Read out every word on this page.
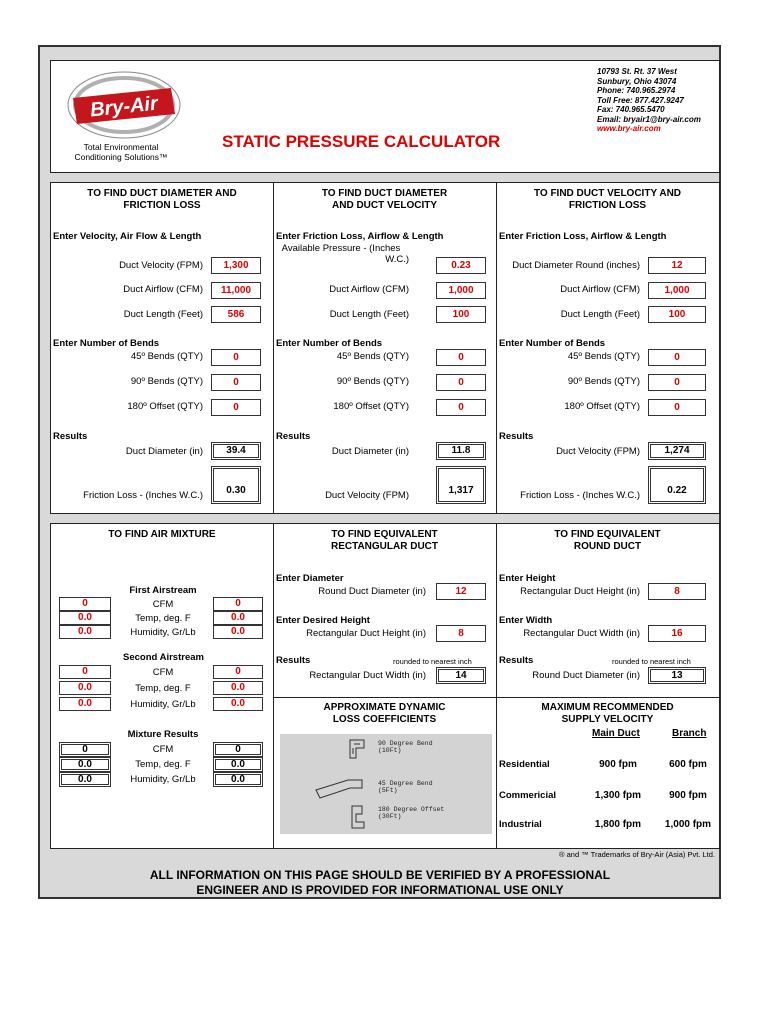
Bry-Air
Total Environmental
Conditioning Solutions™
STATIC PRESSURE CALCULATOR
10793 St. Rt. 37 West
Sunbury, Ohio 43074
Phone: 740.965.2974
Toll Free: 877.427.9247
Fax: 740.965.5470
Email: bryair1@bry-air.com
www.bry-air.com
TO FIND DUCT DIAMETER AND
FRICTION LOSS
Enter Velocity, Air Flow & Length
Duct Velocity (FPM)	1,300
Duct Airflow (CFM)	11,000
Duct Length (Feet)	586
Enter Number of Bends
45º Bends (QTY)	0
90º Bends (QTY)	0
180º Offset (QTY)	0
Results
Duct Diameter (in)	39.4
Friction Loss - (Inches W.C.)	0.30
TO FIND DUCT DIAMETER
AND DUCT VELOCITY
Enter Friction Loss, Airflow & Length
Available Pressure - (Inches
W.C.)
0.23
Duct Airflow (CFM)	1,000
Duct Length (Feet)	100
Enter Number of Bends
45º Bends (QTY)	0
90º Bends (QTY)	0
180º Offset (QTY)	0
Results
Duct Diameter (in)	11.8
Duct Velocity (FPM)	1,317
TO FIND DUCT VELOCITY AND
FRICTION LOSS
Enter Friction Loss, Airflow & Length
Duct Diameter Round (inches)	12
Duct Airflow (CFM)	1,000
Duct Length (Feet)	100
Enter Number of Bends
45º Bends (QTY)	0
90º Bends (QTY)	0
180º Offset (QTY)	0
Results
Duct Velocity (FPM)	1,274
Friction Loss - (Inches W.C.)	0.22
TO FIND AIR MIXTURE
First Airstream
0	CFM	0
0.0	Temp, deg. F	0.0
0.0	Humidity, Gr/Lb	0.0
Second Airstream
0	CFM	0
0.0	Temp, deg. F	0.0
0.0	Humidity, Gr/Lb	0.0
Mixture Results
0	CFM	0
0.0	Temp, deg. F	0.0
0.0	Humidity, Gr/Lb	0.0
TO FIND EQUIVALENT
RECTANGULAR DUCT
Enter Diameter
Round Duct Diameter (in)	12
Enter Desired Height
Rectangular Duct Height (in)	8
Results	rounded to nearest inch
Rectangular Duct Width (in)	14
TO FIND EQUIVALENT
ROUND DUCT
Enter Height
Rectangular Duct Height (in)	8
Enter Width
Rectangular Duct Width (in)	16
Results	rounded to nearest inch
Round Duct Diameter (in)	13
APPROXIMATE DYNAMIC
LOSS COEFFICIENTS
90 Degree Bend
(10Ft)
45 Degree Bend
(5Ft)
180 Degree Offset
(30Ft)
MAXIMUM RECOMMENDED
SUPPLY VELOCITY
Main Duct	Branch
Residential	900 fpm	600 fpm
Commericial	1,300 fpm	900 fpm
Industrial	1,800 fpm	1,000 fpm
® and ™ Trademarks of Bry-Air (Asia) Pvt. Ltd.
ALL INFORMATION ON THIS PAGE SHOULD BE VERIFIED BY A PROFESSIONAL
ENGINEER AND IS PROVIDED FOR INFORMATIONAL USE ONLY
